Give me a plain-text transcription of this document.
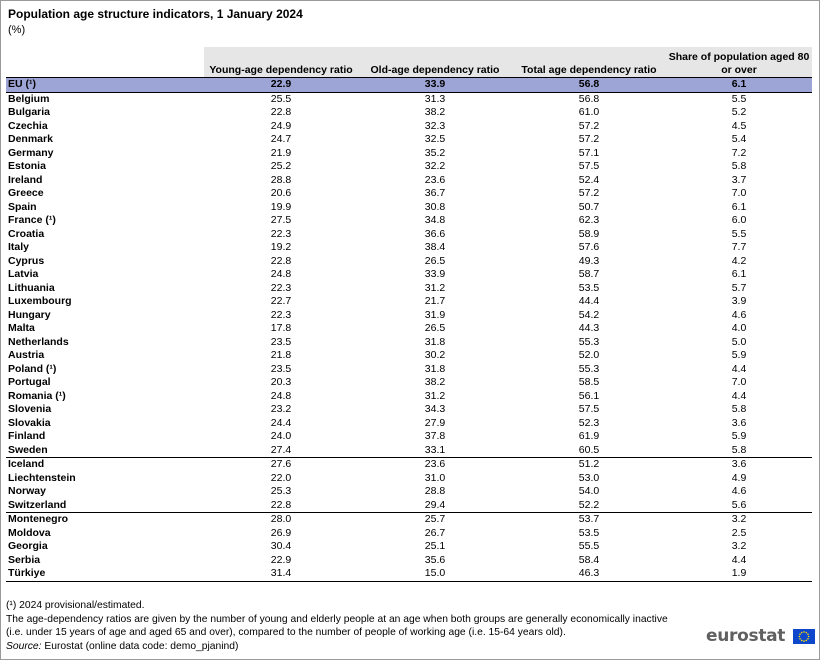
Population age structure indicators, 1 January 2024
(%)
	Young-age dependency ratio	Old-age dependency ratio	Total age dependency ratio	Share of population aged 80 or over
EU (¹)	22.9	33.9	56.8	6.1
Belgium	25.5	31.3	56.8	5.5
Bulgaria	22.8	38.2	61.0	5.2
Czechia	24.9	32.3	57.2	4.5
Denmark	24.7	32.5	57.2	5.4
Germany	21.9	35.2	57.1	7.2
Estonia	25.2	32.2	57.5	5.8
Ireland	28.8	23.6	52.4	3.7
Greece	20.6	36.7	57.2	7.0
Spain	19.9	30.8	50.7	6.1
France (¹)	27.5	34.8	62.3	6.0
Croatia	22.3	36.6	58.9	5.5
Italy	19.2	38.4	57.6	7.7
Cyprus	22.8	26.5	49.3	4.2
Latvia	24.8	33.9	58.7	6.1
Lithuania	22.3	31.2	53.5	5.7
Luxembourg	22.7	21.7	44.4	3.9
Hungary	22.3	31.9	54.2	4.6
Malta	17.8	26.5	44.3	4.0
Netherlands	23.5	31.8	55.3	5.0
Austria	21.8	30.2	52.0	5.9
Poland (¹)	23.5	31.8	55.3	4.4
Portugal	20.3	38.2	58.5	7.0
Romania (¹)	24.8	31.2	56.1	4.4
Slovenia	23.2	34.3	57.5	5.8
Slovakia	24.4	27.9	52.3	3.6
Finland	24.0	37.8	61.9	5.9
Sweden	27.4	33.1	60.5	5.8
Iceland	27.6	23.6	51.2	3.6
Liechtenstein	22.0	31.0	53.0	4.9
Norway	25.3	28.8	54.0	4.6
Switzerland	22.8	29.4	52.2	5.6
Montenegro	28.0	25.7	53.7	3.2
Moldova	26.9	26.7	53.5	2.5
Georgia	30.4	25.1	55.5	3.2
Serbia	22.9	35.6	58.4	4.4
Türkiye	31.4	15.0	46.3	1.9
(¹) 2024 provisional/estimated.
The age-dependency ratios are given by the number of young and elderly people at an age when both groups are generally economically inactive
(i.e. under 15 years of age and aged 65 and over), compared to the number of people of working age (i.e. 15-64 years old).
Source: Eurostat (online data code: demo_pjanind)	eurostat
